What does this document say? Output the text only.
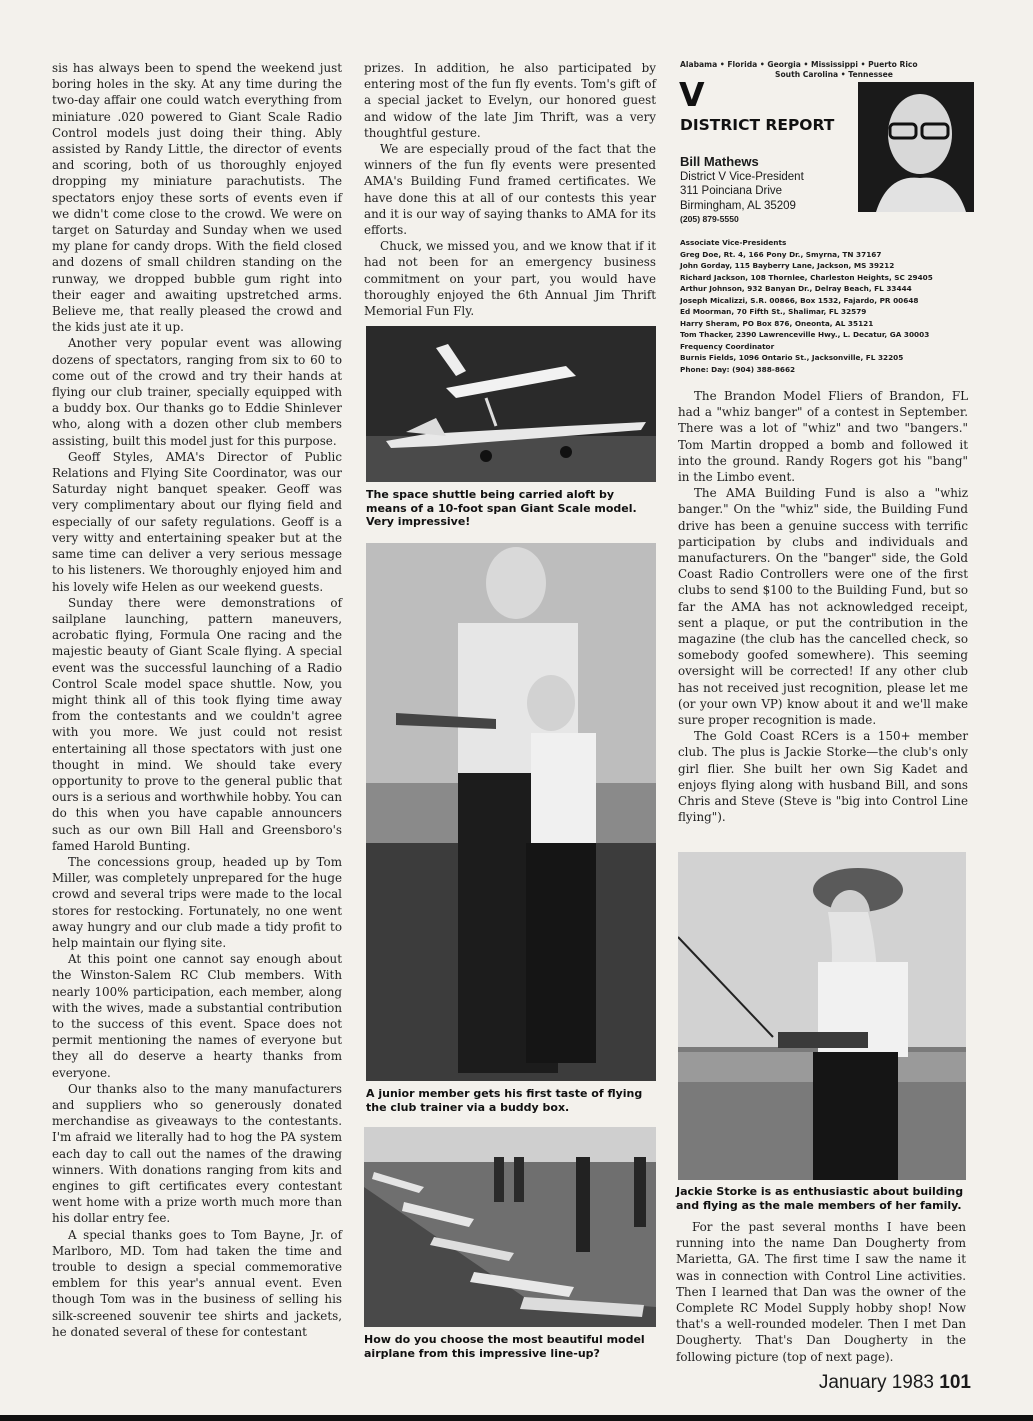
sis has always been to spend the weekend just boring holes in the sky. At any time during the two-day affair one could watch everything from miniature .020 powered to Giant Scale Radio Control models just doing their thing. Ably assisted by Randy Little, the director of events and scoring, both of us thoroughly enjoyed dropping my miniature parachutists. The spectators enjoy these sorts of events even if we didn't come close to the crowd. We were on target on Saturday and Sunday when we used my plane for candy drops. With the field closed and dozens of small children standing on the runway, we dropped bubble gum right into their eager and awaiting upstretched arms. Believe me, that really pleased the crowd and the kids just ate it up.

Another very popular event was allowing dozens of spectators, ranging from six to 60 to come out of the crowd and try their hands at flying our club trainer, specially equipped with a buddy box. Our thanks go to Eddie Shinlever who, along with a dozen other club members assisting, built this model just for this purpose.

Geoff Styles, AMA's Director of Public Relations and Flying Site Coordinator, was our Saturday night banquet speaker. Geoff was very complimentary about our flying field and especially of our safety regulations. Geoff is a very witty and entertaining speaker but at the same time can deliver a very serious message to his listeners. We thoroughly enjoyed him and his lovely wife Helen as our weekend guests.

Sunday there were demonstrations of sailplane launching, pattern maneuvers, acrobatic flying, Formula One racing and the majestic beauty of Giant Scale flying. A special event was the successful launching of a Radio Control Scale model space shuttle. Now, you might think all of this took flying time away from the contestants and we couldn't agree with you more. We just could not resist entertaining all those spectators with just one thought in mind. We should take every opportunity to prove to the general public that ours is a serious and worthwhile hobby. You can do this when you have capable announcers such as our own Bill Hall and Greensboro's famed Harold Bunting.

The concessions group, headed up by Tom Miller, was completely unprepared for the huge crowd and several trips were made to the local stores for restocking. Fortunately, no one went away hungry and our club made a tidy profit to help maintain our flying site.

At this point one cannot say enough about the Winston-Salem RC Club members. With nearly 100% participation, each member, along with the wives, made a substantial contribution to the success of this event. Space does not permit mentioning the names of everyone but they all do deserve a hearty thanks from everyone.

Our thanks also to the many manufacturers and suppliers who so generously donated merchandise as giveaways to the contestants. I'm afraid we literally had to hog the PA system each day to call out the names of the drawing winners. With donations ranging from kits and engines to gift certificates every contestant went home with a prize worth much more than his dollar entry fee.

A special thanks goes to Tom Bayne, Jr. of Marlboro, MD. Tom had taken the time and trouble to design a special commemorative emblem for this year's annual event. Even though Tom was in the business of selling his silk-screened souvenir tee shirts and jackets, he donated several of these for contestant

prizes. In addition, he also participated by entering most of the fun fly events. Tom's gift of a special jacket to Evelyn, our honored guest and widow of the late Jim Thrift, was a very thoughtful gesture.

We are especially proud of the fact that the winners of the fun fly events were presented AMA's Building Fund framed certificates. We have done this at all of our contests this year and it is our way of saying thanks to AMA for its efforts.

Chuck, we missed you, and we know that if it had not been for an emergency business commitment on your part, you would have thoroughly enjoyed the 6th Annual Jim Thrift Memorial Fun Fly.

The space shuttle being carried aloft by means of a 10-foot span Giant Scale model. Very impressive!
A junior member gets his first taste of flying the club trainer via a buddy box.
How do you choose the most beautiful model airplane from this impressive line-up?
Alabama • Florida • Georgia • Mississippi • Puerto Rico
South Carolina • Tennessee
V
DISTRICT REPORT
Bill Mathews
District V Vice-President
311 Poinciana Drive
Birmingham, AL 35209
(205) 879-5550
Associate Vice-Presidents
Greg Doe, Rt. 4, 166 Pony Dr., Smyrna, TN 37167
John Gorday, 115 Bayberry Lane, Jackson, MS 39212
Richard Jackson, 108 Thornlee, Charleston Heights, SC 29405
Arthur Johnson, 932 Banyan Dr., Delray Beach, FL 33444
Joseph Micalizzi, S.R. 00866, Box 1532, Fajardo, PR 00648
Ed Moorman, 70 Fifth St., Shalimar, FL 32579
Harry Sheram, PO Box 876, Oneonta, AL 35121
Tom Thacker, 2390 Lawrenceville Hwy., L. Decatur, GA 30003
Frequency Coordinator
Burnis Fields, 1096 Ontario St., Jacksonville, FL 32205
Phone: Day: (904) 388-8662

The Brandon Model Fliers of Brandon, FL had a "whiz banger" of a contest in September. There was a lot of "whiz" and two "bangers." Tom Martin dropped a bomb and followed it into the ground. Randy Rogers got his "bang" in the Limbo event.

The AMA Building Fund is also a "whiz banger." On the "whiz" side, the Building Fund drive has been a genuine success with terrific participation by clubs and individuals and manufacturers. On the "banger" side, the Gold Coast Radio Controllers were one of the first clubs to send $100 to the Building Fund, but so far the AMA has not acknowledged receipt, sent a plaque, or put the contribution in the magazine (the club has the cancelled check, so somebody goofed somewhere). This seeming oversight will be corrected! If any other club has not received just recognition, please let me (or your own VP) know about it and we'll make sure proper recognition is made.

The Gold Coast RCers is a 150+ member club. The plus is Jackie Storke—the club's only girl flier. She built her own Sig Kadet and enjoys flying along with husband Bill, and sons Chris and Steve (Steve is "big into Control Line flying").

Jackie Storke is as enthusiastic about building and flying as the male members of her family.

For the past several months I have been running into the name Dan Dougherty from Marietta, GA. The first time I saw the name it was in connection with Control Line activities. Then I learned that Dan was the owner of the Complete RC Model Supply hobby shop! Now that's a well-rounded modeler. Then I met Dan Dougherty. That's Dan Dougherty in the following picture (top of next page).

January 1983 101
